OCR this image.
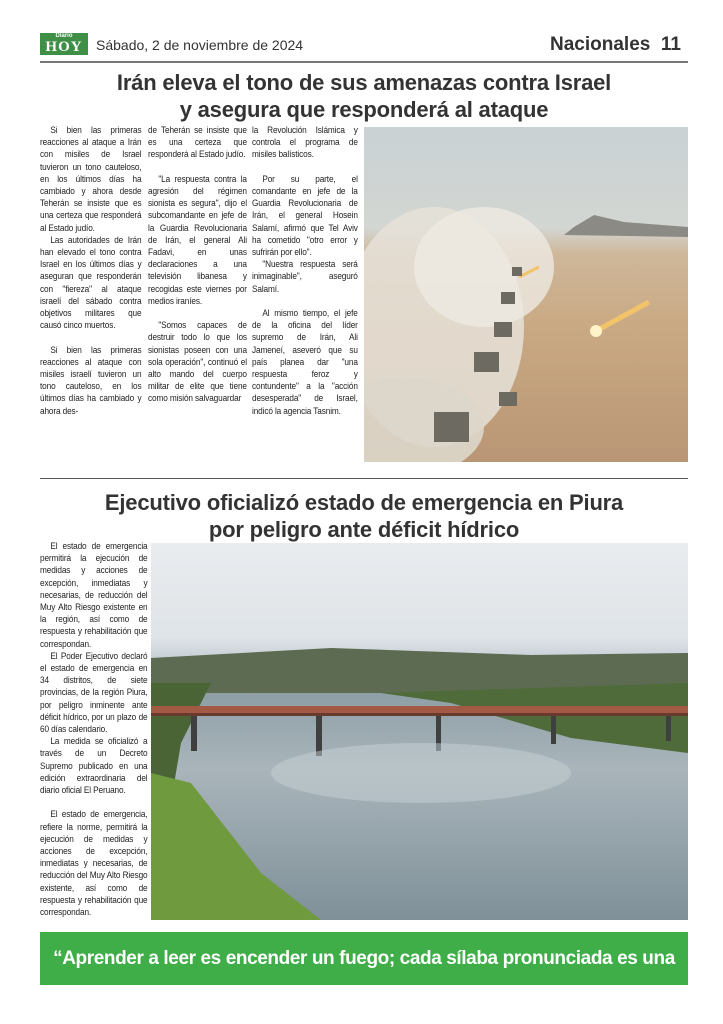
Diario
HOY Sábado, 2 de noviembre de 2024	Nacionales 11
Irán eleva el tono de sus amenazas contra Israel
y asegura que responderá al ataque

Si bien las primeras reacciones al ataque a Irán con misiles de Israel tuvieron un tono cauteloso, en los últimos días ha cambiado y ahora desde Teherán se insiste que es una certeza que responderá al Estado judío.

Las autoridades de Irán han elevado el tono contra Israel en los últimos días y aseguran que responderán con "fiereza" al ataque israelí del sábado contra objetivos militares que causó cinco muertos.

Si bien las primeras reacciones al ataque con misiles israelí tuvieron un tono cauteloso, en los últimos días ha cambiado y ahora des-

de Teherán se insiste que es una certeza que responderá al Estado judío.

"La respuesta contra la agresión del régimen sionista es segura", dijo el subcomandante en jefe de la Guardia Revolucionaria de Irán, el general Ali Fadavi, en unas declaraciones a una televisión libanesa y recogidas este viernes por medios iraníes.

"Somos capaces de destruir todo lo que los sionistas poseen con una sola operación", continuó el alto mando del cuerpo militar de elite que tiene como misión salvaguardar

la Revolución Islámica y controla el programa de misiles balísticos.

Por su parte, el comandante en jefe de la Guardia Revolucionaria de Irán, el general Hosein Salamí, afirmó que Tel Aviv ha cometido "otro error y sufrirán por ello".

"Nuestra respuesta será inimaginable", aseguró Salamí.

Al mismo tiempo, el jefe de la oficina del líder supremo de Irán, Ali Jameneí, aseveró que su país planea dar "una respuesta feroz y contundente" a la "acción desesperada" de Israel, indicó la agencia Tasnim.

Ejecutivo oficializó estado de emergencia en Piura
por peligro ante déficit hídrico

El estado de emergencia permitirá la ejecución de medidas y acciones de excepción, inmediatas y necesarias, de reducción del Muy Alto Riesgo existente en la región, así como de respuesta y rehabilitación que correspondan.

El Poder Ejecutivo declaró el estado de emergencia en 34 distritos, de siete provincias, de la región Piura, por peligro inminente ante déficit hídrico, por un plazo de 60 días calendario.

La medida se oficializó a través de un Decreto Supremo publicado en una edición extraordinaria del diario oficial El Peruano.

El estado de emergencia, refiere la norme, permitirá la ejecución de medidas y acciones de excepción, inmediatas y necesarias, de reducción del Muy Alto Riesgo existente, así como de respuesta y rehabilitación que correspondan.

“Aprender a leer es encender un fuego; cada sílaba pronunciada es una chispa”.
